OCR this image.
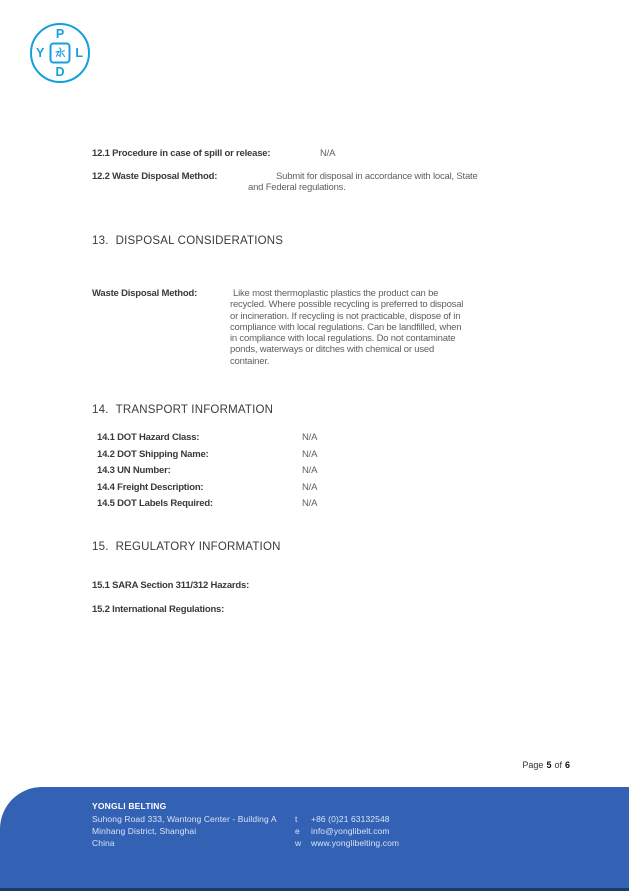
P
Y L
D
12.1 Procedure in case of spill or release:	N/A
12.2 Waste Disposal Method:	Submit for disposal in accordance with local, State and Federal regulations.
13. DISPOSAL CONSIDERATIONS
Waste Disposal Method:	Like most thermoplastic plastics the product can be recycled. Where possible recycling is preferred to disposal or incineration. If recycling is not practicable, dispose of in compliance with local regulations. Can be landfilled, when in compliance with local regulations. Do not contaminate ponds, waterways or ditches with chemical or used container.
14. TRANSPORT INFORMATION
14.1 DOT Hazard Class:	N/A
14.2 DOT Shipping Name:	N/A
14.3 UN Number:	N/A
14.4 Freight Description:	N/A
14.5 DOT Labels Required:	N/A
15. REGULATORY INFORMATION
15.1 SARA Section 311/312 Hazards:
15.2 International Regulations:
Page 5 of 6
YONGLI BELTING
Suhong Road 333, Wantong Center - Building A
Minhang District, Shanghai
China
t +86 (0)21 63132548
e info@yonglibelt.com
w www.yonglibelting.com
